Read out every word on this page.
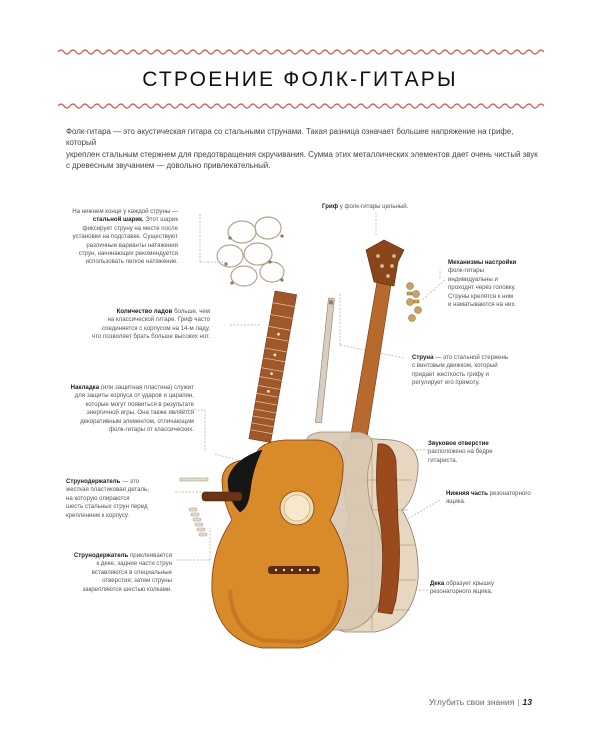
СТРОЕНИЕ ФОЛК-ГИТАРЫ

Фолк-гитара — это акустическая гитара со стальными струнами. Такая разница означает большее напряжение на грифе, который

укреплен стальным стержнем для предотвращения скручивания. Сумма этих металлических элементов дает очень чистый звук

с древесным звучанием — довольно привлекательный.

На нижнем конце у каждой струны —
стальной шарик. Этот шарик
фиксирует струну на месте после
установки на подставке. Существуют
различные варианты натяжения
струн, начинающих рекомендуется
использовать легкое натяжение.
Гриф у фолк-гитары цельный.
Механизмы настройки
фолк-гитары
индивидуальны и
проходят через головку.
Струны крепятся к ним
и наматываются на них.
Количество ладов больше, чем
на классической гитаре. Гриф часто
соединяется с корпусом на 14-м ладу,
что позволяет брать больше высоких нот.
Струна — это стальной стержень
с винтовым движком, который
придает жесткость грифу и
регулирует его прямоту.
Накладка (или защитная пластина) служит
для защиты корпуса от ударов и царапин,
которые могут появиться в результате
энергичной игры. Она также является
декоративным элементом, отличающим
фолк-гитары от классических.
Звуковое отверстие
расположено на бедре
гитариста.
Нижняя часть резонаторного
ящика.
Струнодержатель — это
жесткая пластиковая деталь,
на которую опираются
шесть стальных струн перед
креплением к корпусу.
Струнодержатель приклеивается
к деке, задние части струн
вставляются в специальные
отверстия; затем струны
закрепляются шестью колками.
Дека образует крышку
резонаторного ящика.
Углубить свои знания | 13
